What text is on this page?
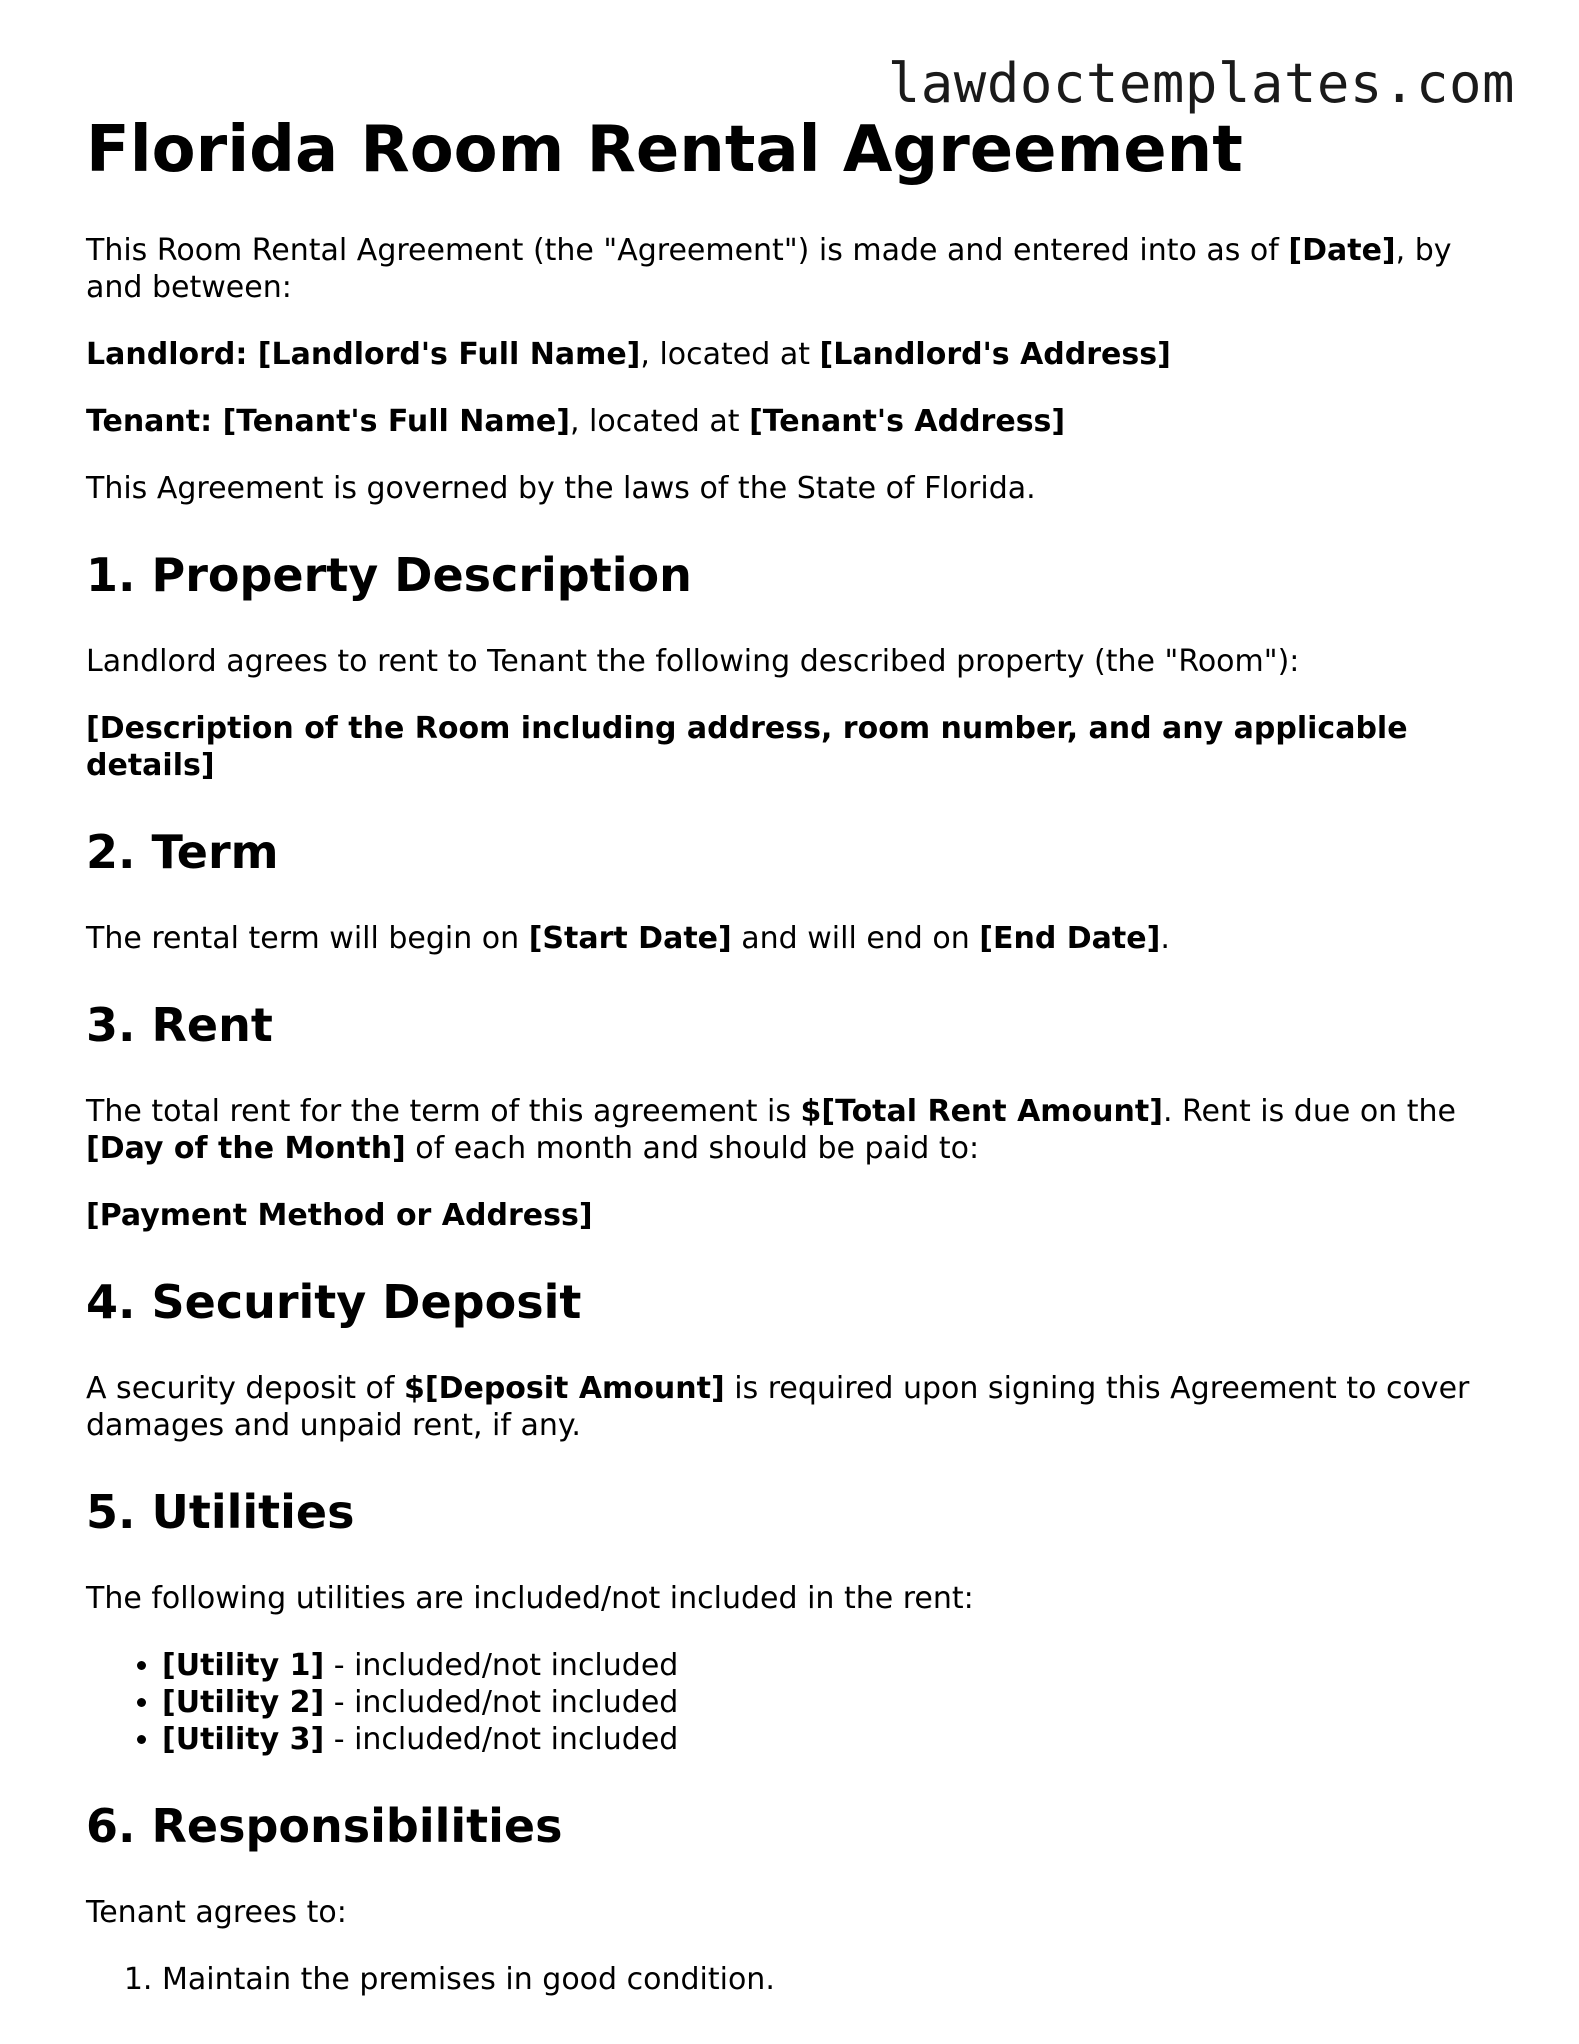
lawdoctemplates.com
Florida Room Rental Agreement

This Room Rental Agreement (the "Agreement") is made and entered into as of [Date], by and between:

Landlord: [Landlord's Full Name], located at [Landlord's Address]

Tenant: [Tenant's Full Name], located at [Tenant's Address]

This Agreement is governed by the laws of the State of Florida.

1. Property Description

Landlord agrees to rent to Tenant the following described property (the "Room"):

[Description of the Room including address, room number, and any applicable details]

2. Term

The rental term will begin on [Start Date] and will end on [End Date].

3. Rent

The total rent for the term of this agreement is $[Total Rent Amount]. Rent is due on the [Day of the Month] of each month and should be paid to:

[Payment Method or Address]

4. Security Deposit

A security deposit of $[Deposit Amount] is required upon signing this Agreement to cover damages and unpaid rent, if any.

5. Utilities

The following utilities are included/not included in the rent:

• [Utility 1] - included/not included
• [Utility 2] - included/not included
• [Utility 3] - included/not included
6. Responsibilities

Tenant agrees to:

1. Maintain the premises in good condition.
